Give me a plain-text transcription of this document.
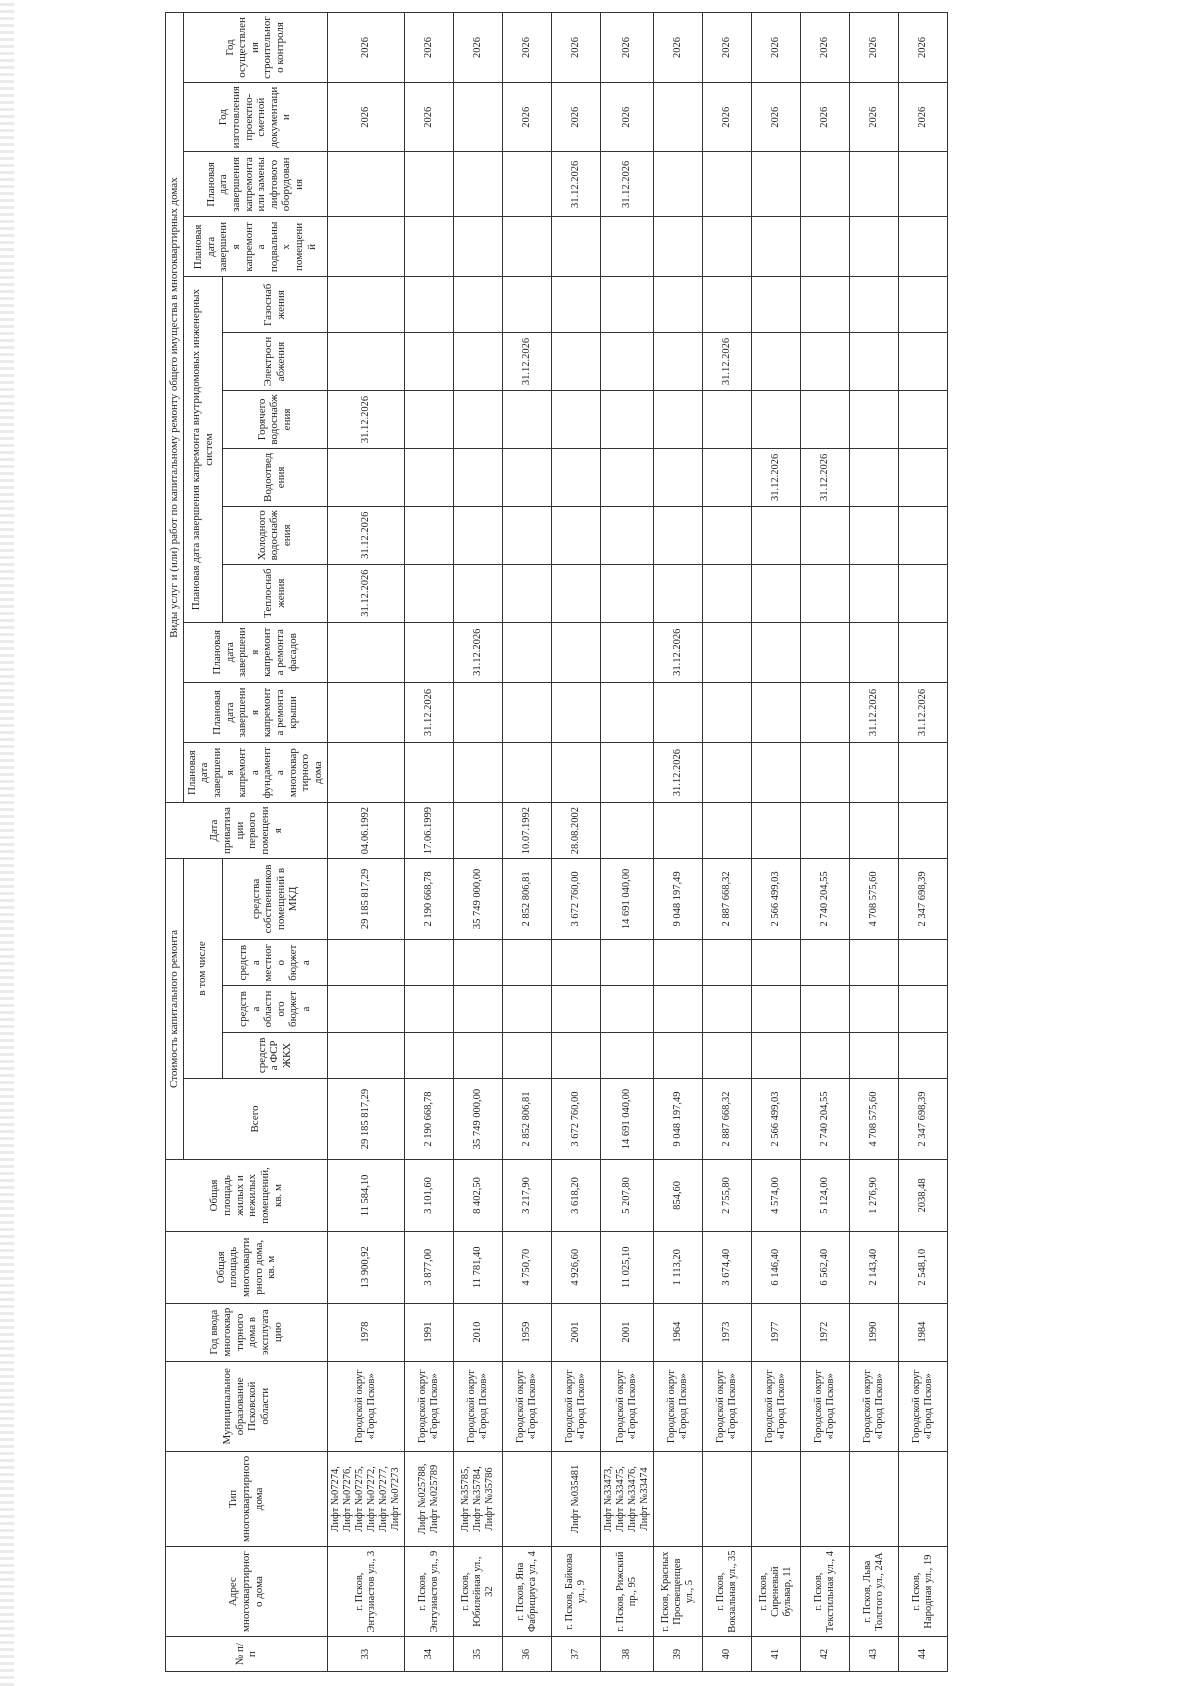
№ п/п	Адрес многоквартирного дома	Тип многоквартирного дома	Муниципальное образование Псковской области	Год ввода многоквартирного дома в эксплуатацию	Общая площадь многоквартирного дома, кв. м	Общая площадь жилых и нежилых помещений, кв. м	Стоимость капитального ремонта					Дата приватизации первого помещения	Виды услуг и (или) работ по капитальному ремонту общего имущества в многоквартирных домах												
							Всего	в том числе					Плановая дата завершения капремонта фундамента многоквартирного дома	Плановая дата завершения капремонта ремонта крыши	Плановая дата завершения капремонта ремонта фасадов	Плановая дата завершения капремонта внутридомовых инженерных систем						Плановая дата завершения капремонта подвальных помещений	Плановая дата завершения капремонта или замены лифтового оборудования	Год изготовления проектно-сметной документации	Год осуществления строительного контроля
								средства ФСР ЖКХ	средства областного бюджета	средства местного бюджета	средства собственников помещений в МКД					Теплоснабжения	Холодного водоснабжения	Водоотведения	Горячего водоснабжения	Электроснабжения	Газоснабжения				
33	г. Псков, Энтузиастов ул., 3	Лифт №07274, Лифт №07276, Лифт №07275, Лифт №07272, Лифт №07277, Лифт №07273	Городской округ «Город Псков»	1978	13 900,92	11 584,10	29 185 817,29				29 185 817,29	04.06.1992				31.12.2026	31.12.2026		31.12.2026					2026	2026
34	г. Псков, Энтузиастов ул., 9	Лифт №025788, Лифт №025789	Городской округ «Город Псков»	1991	3 877,00	3 101,60	2 190 668,78				2 190 668,78	17.06.1999		31.12.2026										2026	2026
35	г. Псков, Юбилейная ул., 32	Лифт №35785, Лифт №35784, Лифт №35786	Городской округ «Город Псков»	2010	11 781,40	8 402,50	35 749 000,00				35 749 000,00				31.12.2026										2026
36	г. Псков, Яна Фабрициуса ул., 4		Городской округ «Город Псков»	1959	4 750,70	3 217,90	2 852 806,81				2 852 806,81	10.07.1992								31.12.2026				2026	2026
37	г. Псков, Байкова ул., 9	Лифт №035481	Городской округ «Город Псков»	2001	4 926,60	3 618,20	3 672 760,00				3 672 760,00	28.08.2002											31.12.2026	2026	2026
38	г. Псков, Рижский пр., 95	Лифт №33473, Лифт №33475, Лифт №33476, Лифт №33474	Городской округ «Город Псков»	2001	11 025,10	5 207,80	14 691 040,00				14 691 040,00												31.12.2026	2026	2026
39	г. Псков, Красных Просвещенцев ул., 5		Городской округ «Город Псков»	1964	1 113,20	854,60	9 048 197,49				9 048 197,49		31.12.2026		31.12.2026										2026
40	г. Псков, Вокзальная ул., 35		Городской округ «Город Псков»	1973	3 674,40	2 755,80	2 887 668,32				2 887 668,32									31.12.2026				2026	2026
41	г. Псков, Сиреневый бульвар, 11		Городской округ «Город Псков»	1977	6 146,40	4 574,00	2 566 499,03				2 566 499,03							31.12.2026						2026	2026
42	г. Псков, Текстильная ул., 4		Городской округ «Город Псков»	1972	6 562,40	5 124,00	2 740 204,55				2 740 204,55							31.12.2026						2026	2026
43	г. Псков, Льва Толстого ул., 24А		Городской округ «Город Псков»	1990	2 143,40	1 276,90	4 708 575,60				4 708 575,60			31.12.2026										2026	2026
44	г. Псков, Народная ул., 19		Городской округ «Город Псков»	1984	2 548,10	2038,48	2 347 698,39				2 347 698,39			31.12.2026										2026	2026
